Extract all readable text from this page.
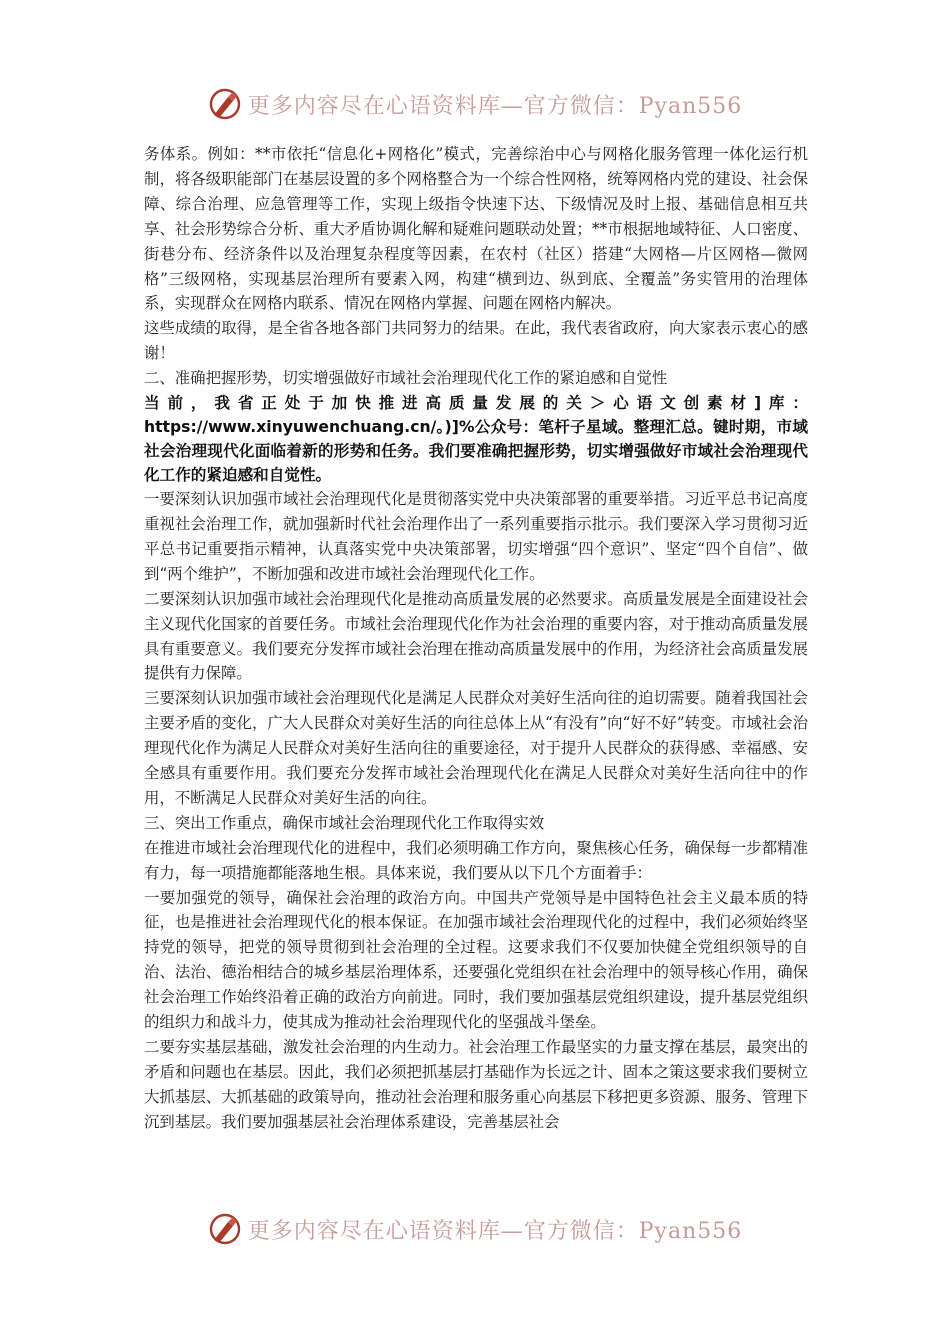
更多内容尽在心语资料库—官方微信：Pyan556

务体系。例如：**市依托“信息化+网格化”模式，完善综治中心与网格化服务管理一体化运行机制，将各级职能部门在基层设置的多个网格整合为一个综合性网格，统筹网格内党的建设、社会保障、综合治理、应急管理等工作，实现上级指令快速下达、下级情况及时上报、基础信息相互共享、社会形势综合分析、重大矛盾协调化解和疑难问题联动处置；**市根据地域特征、人口密度、街巷分布、经济条件以及治理复杂程度等因素，在农村（社区）搭建“大网格—片区网格—微网格”三级网格，实现基层治理所有要素入网，构建“横到边、纵到底、全覆盖”务实管用的治理体系，实现群众在网格内联系、情况在网格内掌握、问题在网格内解决。

这些成绩的取得，是全省各地各部门共同努力的结果。在此，我代表省政府，向大家表示衷心的感谢！

二、准确把握形势，切实增强做好市域社会治理现代化工作的紧迫感和自觉性

当前，我省正处于加快推进高质量发展的关＞心语文创素材]库：https://www.xinyuwenchuang.cn/。)]%公众号：笔杆子星域。整理汇总。键时期，市域社会治理现代化面临着新的形势和任务。我们要准确把握形势，切实增强做好市域社会治理现代化工作的紧迫感和自觉性。

一要深刻认识加强市域社会治理现代化是贯彻落实党中央决策部署的重要举措。习近平总书记高度重视社会治理工作，就加强新时代社会治理作出了一系列重要指示批示。我们要深入学习贯彻习近平总书记重要指示精神，认真落实党中央决策部署，切实增强“四个意识”、坚定“四个自信”、做到“两个维护”，不断加强和改进市域社会治理现代化工作。

二要深刻认识加强市域社会治理现代化是推动高质量发展的必然要求。高质量发展是全面建设社会主义现代化国家的首要任务。市域社会治理现代化作为社会治理的重要内容，对于推动高质量发展具有重要意义。我们要充分发挥市域社会治理在推动高质量发展中的作用，为经济社会高质量发展提供有力保障。

三要深刻认识加强市域社会治理现代化是满足人民群众对美好生活向往的迫切需要。随着我国社会主要矛盾的变化，广大人民群众对美好生活的向往总体上从“有没有”向“好不好”转变。市域社会治理现代化作为满足人民群众对美好生活向往的重要途径，对于提升人民群众的获得感、幸福感、安全感具有重要作用。我们要充分发挥市域社会治理现代化在满足人民群众对美好生活向往中的作用，不断满足人民群众对美好生活的向往。

三、突出工作重点，确保市域社会治理现代化工作取得实效

在推进市域社会治理现代化的进程中，我们必须明确工作方向，聚焦核心任务，确保每一步都精准有力，每一项措施都能落地生根。具体来说，我们要从以下几个方面着手：

一要加强党的领导，确保社会治理的政治方向。中国共产党领导是中国特色社会主义最本质的特征，也是推进社会治理现代化的根本保证。在加强市域社会治理现代化的过程中，我们必须始终坚持党的领导，把党的领导贯彻到社会治理的全过程。这要求我们不仅要加快健全党组织领导的自治、法治、德治相结合的城乡基层治理体系，还要强化党组织在社会治理中的领导核心作用，确保社会治理工作始终沿着正确的政治方向前进。同时，我们要加强基层党组织建设，提升基层党组织的组织力和战斗力，使其成为推动社会治理现代化的坚强战斗堡垒。

二要夯实基层基础，激发社会治理的内生动力。社会治理工作最坚实的力量支撑在基层，最突出的矛盾和问题也在基层。因此，我们必须把抓基层打基础作为长远之计、固本之策这要求我们要树立大抓基层、大抓基础的政策导向，推动社会治理和服务重心向基层下移把更多资源、服务、管理下沉到基层。我们要加强基层社会治理体系建设，完善基层社会

更多内容尽在心语资料库—官方微信：Pyan556
